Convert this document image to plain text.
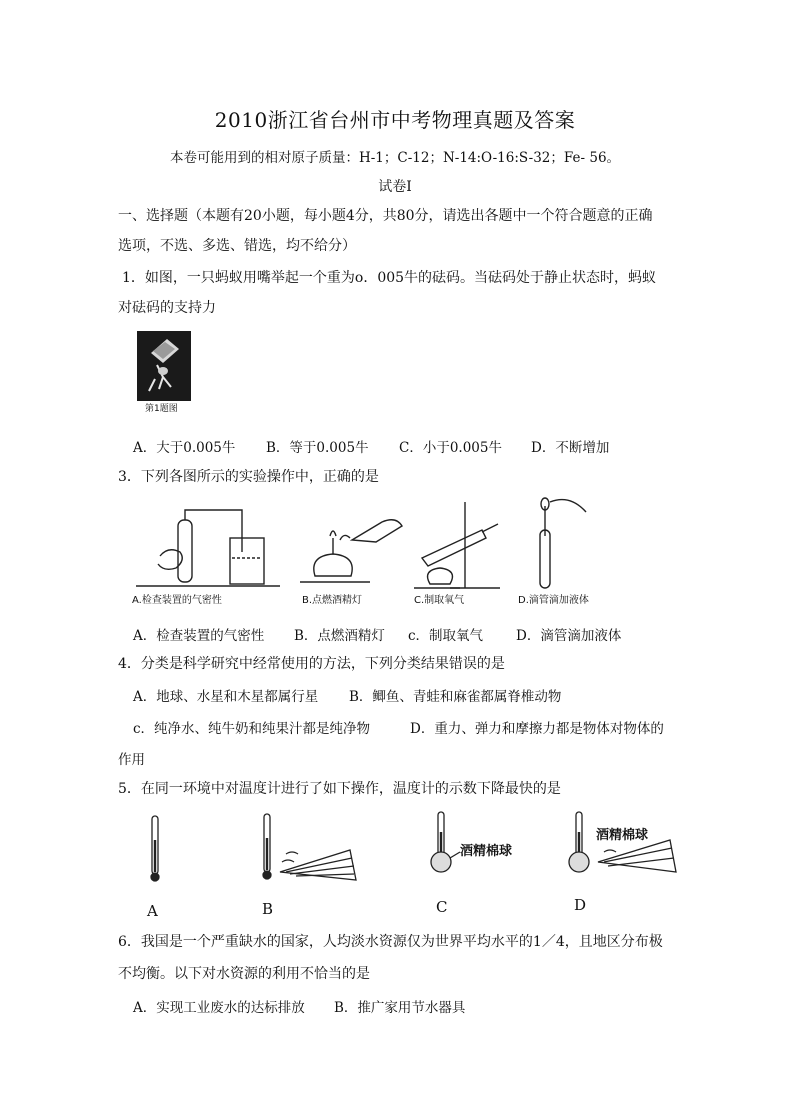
2010浙江省台州市中考物理真题及答案
本卷可能用到的相对原子质量：H-1；C-12；N-14:O-16:S-32；Fe- 56。
试卷Ⅰ
一、选择题（本题有20小题，每小题4分，共80分，请选出各题中一个符合题意的正确
选项，不选、多选、错选，均不给分）
1．如图，一只蚂蚁用嘴举起一个重为o．005牛的砝码。当砝码处于静止状态时，蚂蚁
对砝码的支持力
第1题图
A．大于0.005牛 B．等于0.005牛 C．小于0.005牛 D．不断增加
3．下列各图所示的实验操作中，正确的是
A.检查装置的气密性	B.点燃酒精灯	C.制取氧气	D.滴管滴加液体
A．检查装置的气密性 B．点燃酒精灯 c．制取氧气 D．滴管滴加液体
4．分类是科学研究中经常使用的方法，下列分类结果错误的是
A．地球、水星和木星都属行星 B．鲫鱼、青蛙和麻雀都属脊椎动物
c．纯净水、纯牛奶和纯果汁都是纯净物	D．重力、弹力和摩擦力都是物体对物体的
作用
5．在同一环境中对温度计进行了如下操作，温度计的示数下降最快的是
A	B	C	D
酒精棉球
酒精棉球
6．我国是一个严重缺水的国家，人均淡水资源仅为世界平均水平的1／4，且地区分布极
不均衡。以下对水资源的利用不恰当的是
A．实现工业废水的达标排放 B．推广家用节水器具
